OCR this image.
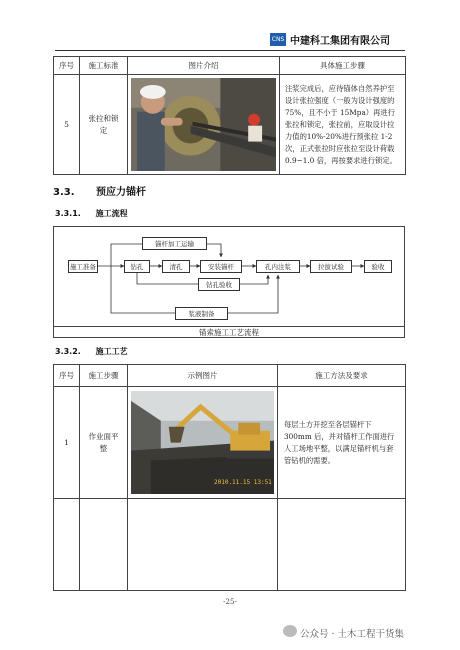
CNS 中建科工集团有限公司
序号	施工标准	图片介绍	具体施工步骤
5	张拉和锁定		注浆完成后，应待锚体自然养护至设计张拉强度（一般为设计强度的75%，且不小于 15Mpa）再进行张拉和锁定，张拉前，应取设计拉力值的10%-20%进行预张拉 1-2 次，正式张拉时应张拉至设计荷载 0.9~1.0 倍，再按要求进行锁定。
3.3. 预应力锚杆
3.3.1. 施工流程
锚杆加工运输
施工准备	钻孔	清孔	安装锚杆	孔内注浆	拉拔试验	验收
钻孔验收
浆液制备
锚索施工工艺流程
3.3.2. 施工工艺
序号	施工步骤	示例图片	施工方法及要求
1	作业面平整	2010.11.15 13:51	每层土方开挖至各层锚杆下300mm 后，并对锚杆工作面进行人工场地平整，以满足锚杆机与套管钻机的需要。

-25-
公众号 · 土木工程干货集
